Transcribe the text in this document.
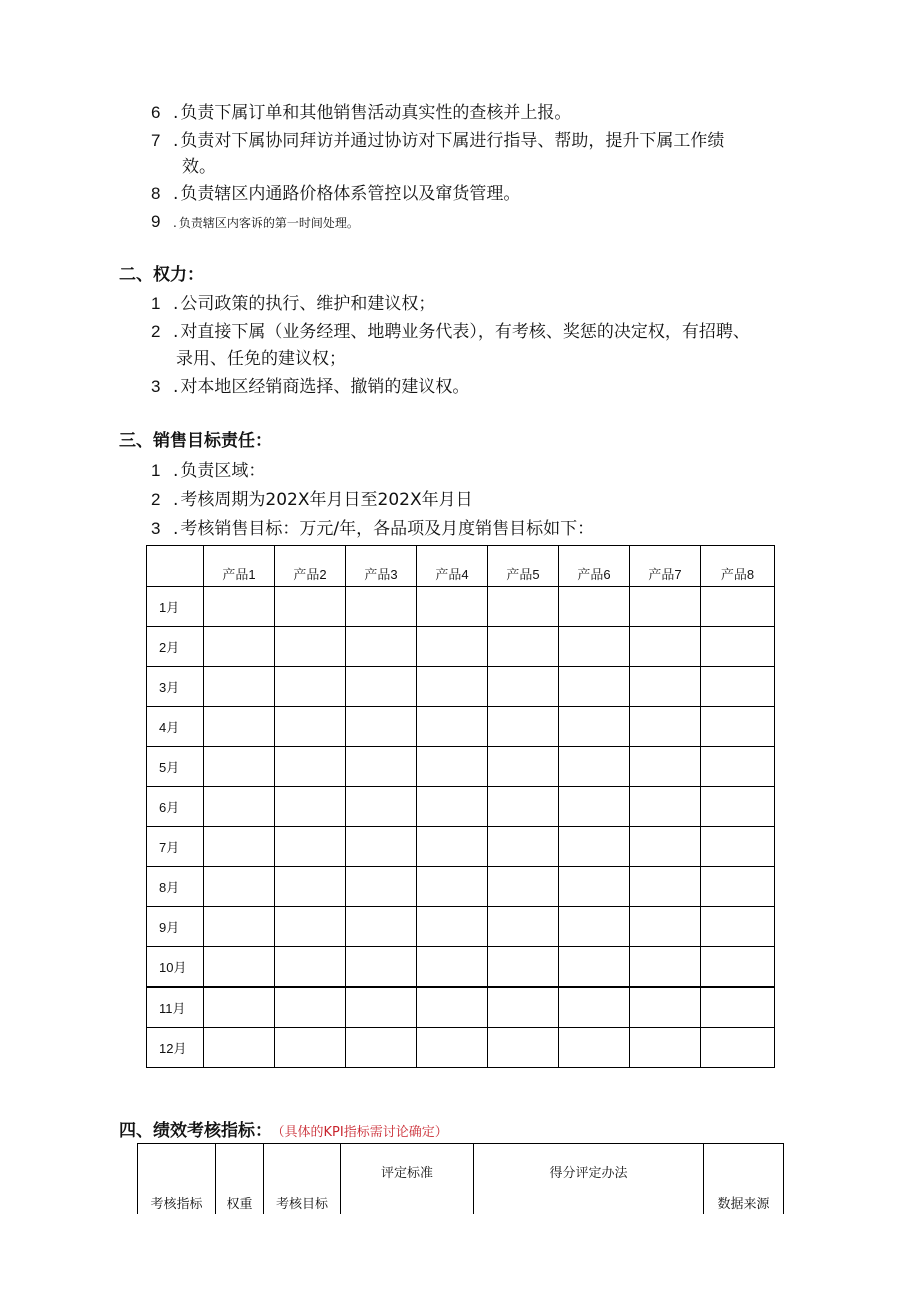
6 . 负责下属订单和其他销售活动真实性的查核并上报。
7 . 负责对下属协同拜访并通过协访对下属进行指导、帮助，提升下属工作绩
效。
8 . 负责辖区内通路价格体系管控以及窜货管理。
9 . 负责辖区内客诉的第一时间处理。
二、权力：
1 . 公司政策的执行、维护和建议权；
2 . 对直接下属（业务经理、地聘业务代表），有考核、奖惩的决定权，有招聘、
录用、任免的建议权；
3 . 对本地区经销商选择、撤销的建议权。
三、销售目标责任：
1 . 负责区域：
2 . 考核周期为202X年月日至202X年月日
3 . 考核销售目标：万元/年，各品项及月度销售目标如下：
	产品1	产品2	产品3	产品4	产品5	产品6	产品7	产品8
1月								
2月								
3月								
4月								
5月								
6月								
7月								
8月								
9月								
10月								
11月								
12月								
四、绩效考核指标： （具体的KPI指标需讨论确定）
考核指标	权重	考核目标	评定标准	得分评定办法	数据来源
